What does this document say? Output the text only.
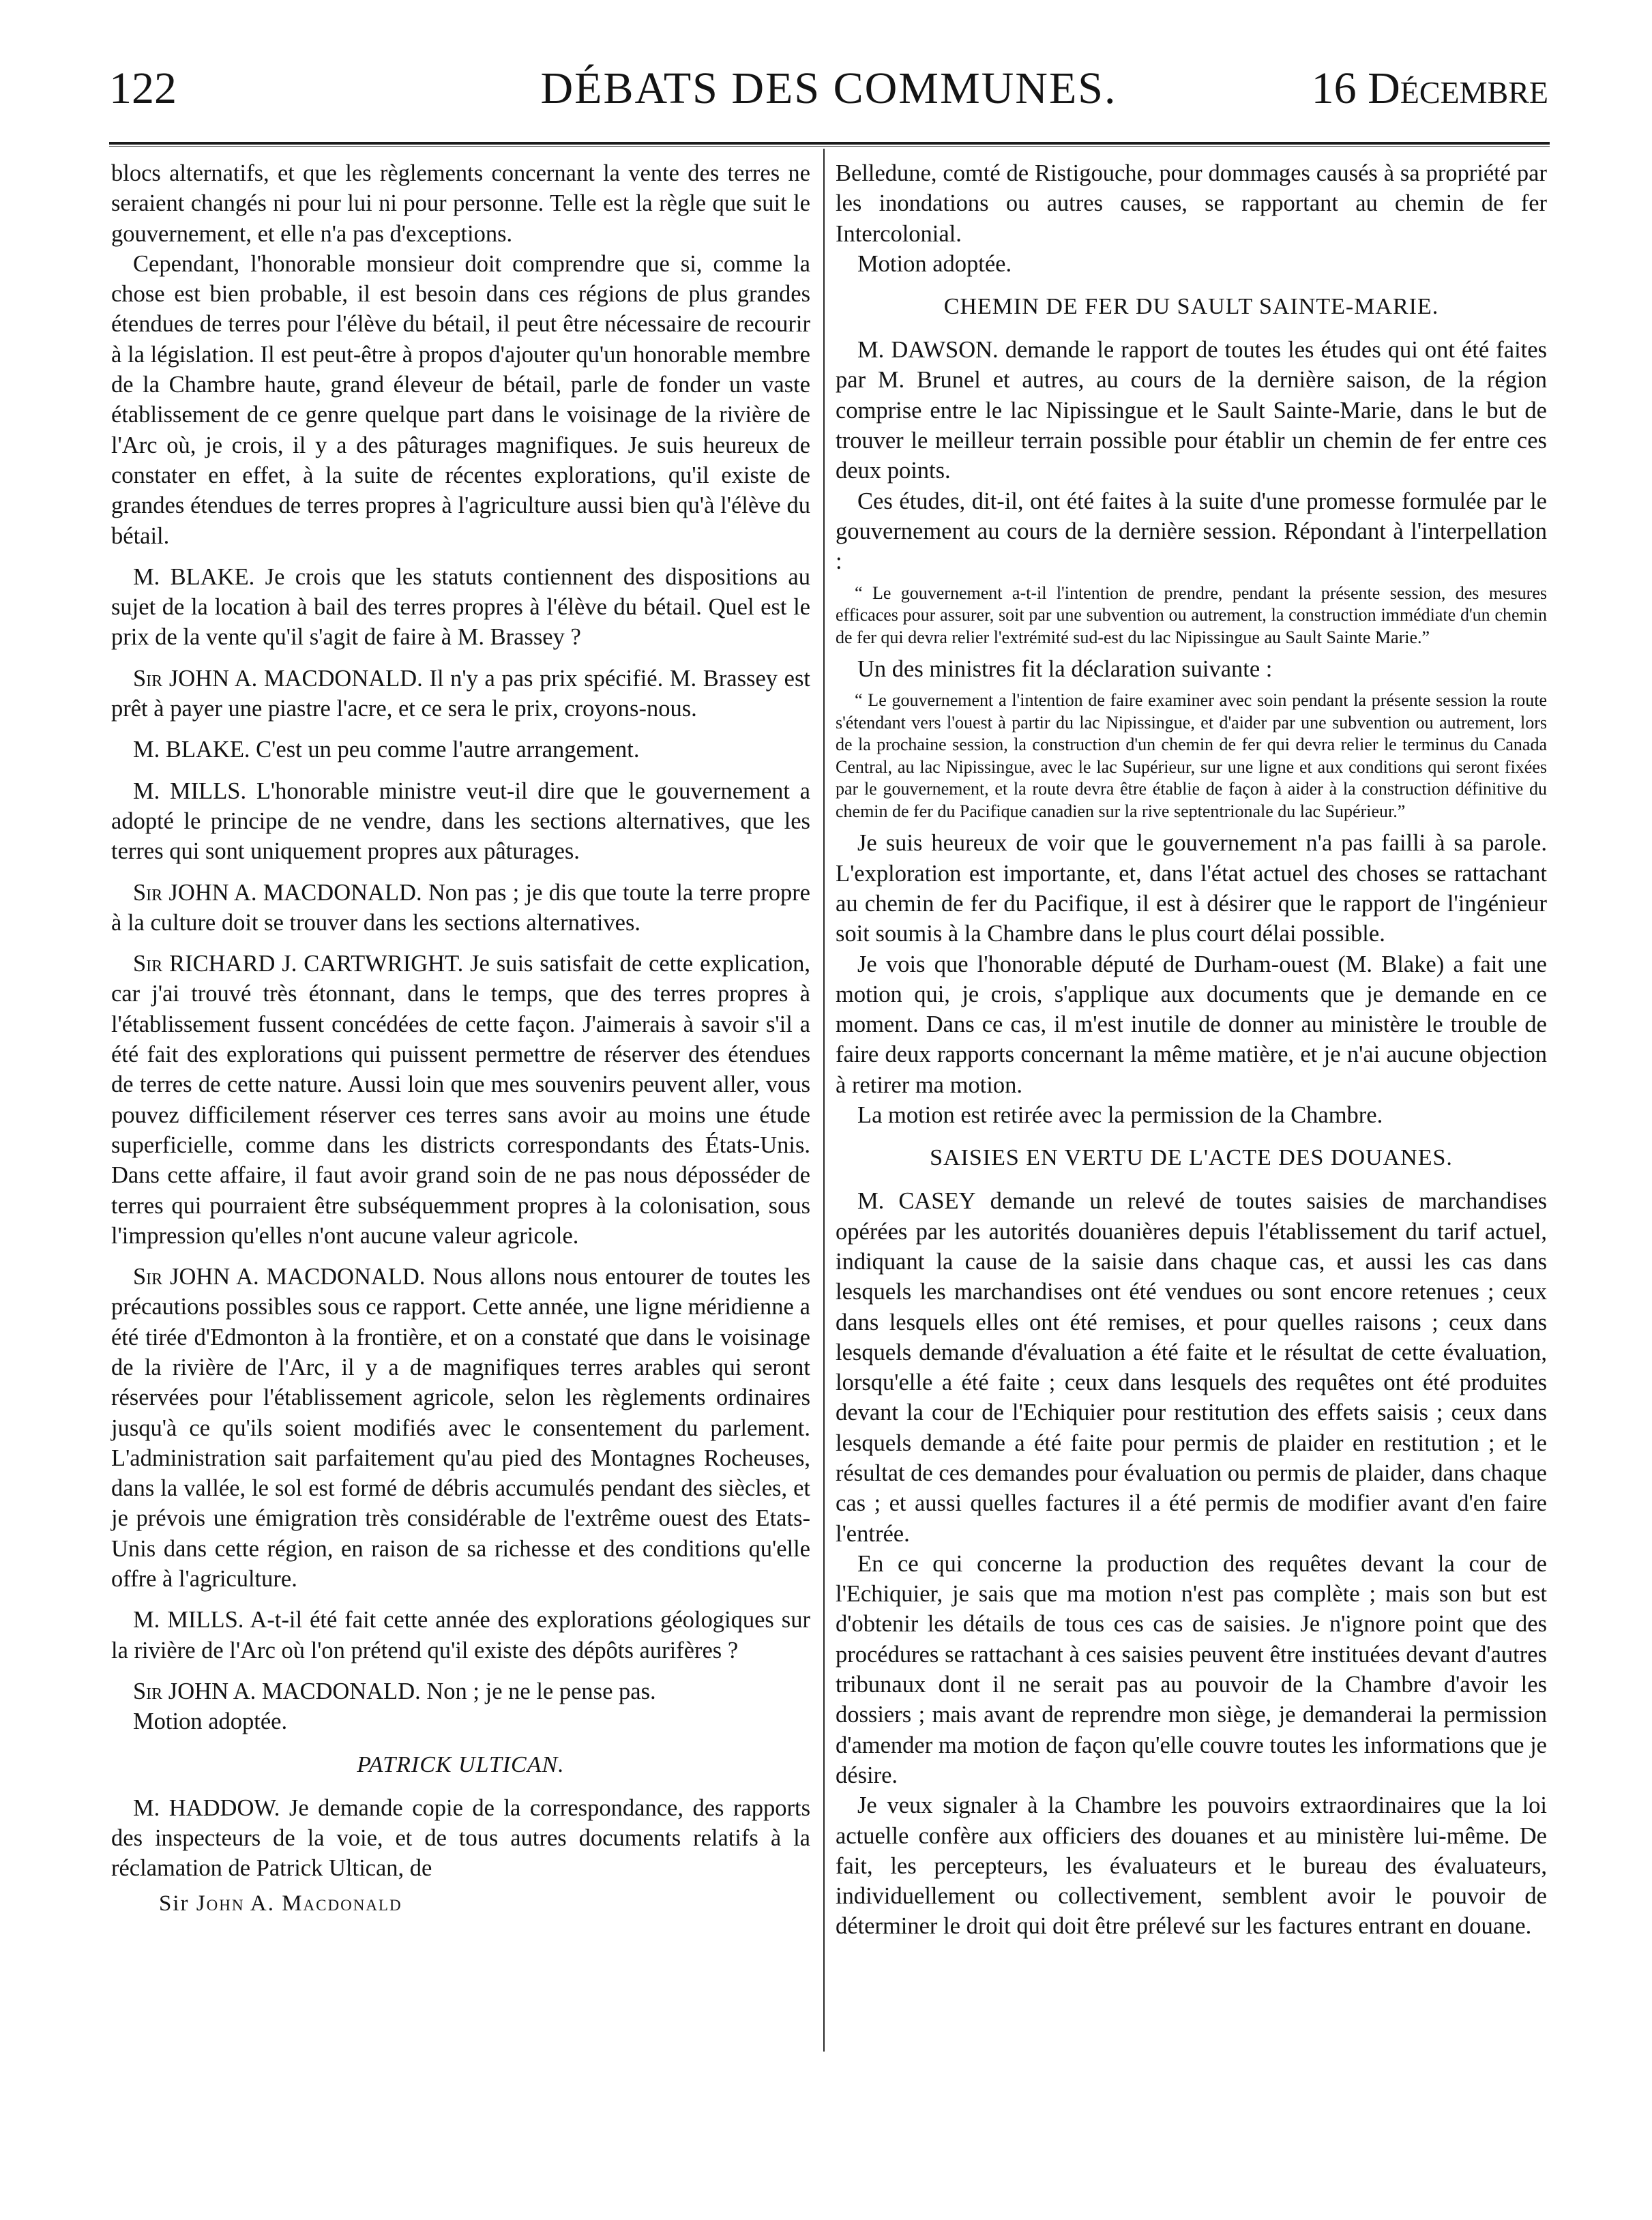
122	DÉBATS DES COMMUNES.	16 Décembre

blocs alternatifs, et que les règlements concernant la vente des terres ne seraient changés ni pour lui ni pour personne. Telle est la règle que suit le gouvernement, et elle n'a pas d'exceptions.

Cependant, l'honorable monsieur doit comprendre que si, comme la chose est bien probable, il est besoin dans ces régions de plus grandes étendues de terres pour l'élève du bétail, il peut être nécessaire de recourir à la législation. Il est peut-être à propos d'ajouter qu'un honorable membre de la Chambre haute, grand éleveur de bétail, parle de fonder un vaste établissement de ce genre quelque part dans le voisinage de la rivière de l'Arc où, je crois, il y a des pâturages magnifiques. Je suis heureux de constater en effet, à la suite de récentes explorations, qu'il existe de grandes étendues de terres propres à l'agriculture aussi bien qu'à l'élève du bétail.

M. BLAKE. Je crois que les statuts contiennent des dispositions au sujet de la location à bail des terres propres à l'élève du bétail. Quel est le prix de la vente qu'il s'agit de faire à M. Brassey ?

Sir JOHN A. MACDONALD. Il n'y a pas prix spécifié. M. Brassey est prêt à payer une piastre l'acre, et ce sera le prix, croyons-nous.

M. BLAKE. C'est un peu comme l'autre arrangement.

M. MILLS. L'honorable ministre veut-il dire que le gouvernement a adopté le principe de ne vendre, dans les sections alternatives, que les terres qui sont uniquement propres aux pâturages.

Sir JOHN A. MACDONALD. Non pas ; je dis que toute la terre propre à la culture doit se trouver dans les sections alternatives.

Sir RICHARD J. CARTWRIGHT. Je suis satisfait de cette explication, car j'ai trouvé très étonnant, dans le temps, que des terres propres à l'établissement fussent concédées de cette façon. J'aimerais à savoir s'il a été fait des explorations qui puissent permettre de réserver des étendues de terres de cette nature. Aussi loin que mes souvenirs peuvent aller, vous pouvez difficilement réserver ces terres sans avoir au moins une étude superficielle, comme dans les districts correspondants des États-Unis. Dans cette affaire, il faut avoir grand soin de ne pas nous déposséder de terres qui pourraient être subséquemment propres à la colonisation, sous l'impression qu'elles n'ont aucune valeur agricole.

Sir JOHN A. MACDONALD. Nous allons nous entourer de toutes les précautions possibles sous ce rapport. Cette année, une ligne méridienne a été tirée d'Edmonton à la frontière, et on a constaté que dans le voisinage de la rivière de l'Arc, il y a de magnifiques terres arables qui seront réservées pour l'établissement agricole, selon les règlements ordinaires jusqu'à ce qu'ils soient modifiés avec le consentement du parlement. L'administration sait parfaitement qu'au pied des Montagnes Rocheuses, dans la vallée, le sol est formé de débris accumulés pendant des siècles, et je prévois une émigration très considérable de l'extrême ouest des Etats-Unis dans cette région, en raison de sa richesse et des conditions qu'elle offre à l'agriculture.

M. MILLS. A-t-il été fait cette année des explorations géologiques sur la rivière de l'Arc où l'on prétend qu'il existe des dépôts aurifères ?

Sir JOHN A. MACDONALD. Non ; je ne le pense pas.

Motion adoptée.

PATRICK ULTICAN.

M. HADDOW. Je demande copie de la correspondance, des rapports des inspecteurs de la voie, et de tous autres documents relatifs à la réclamation de Patrick Ultican, de

Sir John A. Macdonald

Belledune, comté de Ristigouche, pour dommages causés à sa propriété par les inondations ou autres causes, se rapportant au chemin de fer Intercolonial.

Motion adoptée.

CHEMIN DE FER DU SAULT SAINTE-MARIE.

M. DAWSON. demande le rapport de toutes les études qui ont été faites par M. Brunel et autres, au cours de la dernière saison, de la région comprise entre le lac Nipissingue et le Sault Sainte-Marie, dans le but de trouver le meilleur terrain possible pour établir un chemin de fer entre ces deux points.

Ces études, dit-il, ont été faites à la suite d'une promesse formulée par le gouvernement au cours de la dernière session. Répondant à l'interpellation :

“ Le gouvernement a-t-il l'intention de prendre, pendant la présente session, des mesures efficaces pour assurer, soit par une subvention ou autrement, la construction immédiate d'un chemin de fer qui devra relier l'extrémité sud-est du lac Nipissingue au Sault Sainte Marie.”

Un des ministres fit la déclaration suivante :

“ Le gouvernement a l'intention de faire examiner avec soin pendant la présente session la route s'étendant vers l'ouest à partir du lac Nipissingue, et d'aider par une subvention ou autrement, lors de la prochaine session, la construction d'un chemin de fer qui devra relier le terminus du Canada Central, au lac Nipissingue, avec le lac Supérieur, sur une ligne et aux conditions qui seront fixées par le gouvernement, et la route devra être établie de façon à aider à la construction définitive du chemin de fer du Pacifique canadien sur la rive septentrionale du lac Supérieur.”

Je suis heureux de voir que le gouvernement n'a pas failli à sa parole. L'exploration est importante, et, dans l'état actuel des choses se rattachant au chemin de fer du Pacifique, il est à désirer que le rapport de l'ingénieur soit soumis à la Chambre dans le plus court délai possible.

Je vois que l'honorable député de Durham-ouest (M. Blake) a fait une motion qui, je crois, s'applique aux documents que je demande en ce moment. Dans ce cas, il m'est inutile de donner au ministère le trouble de faire deux rapports concernant la même matière, et je n'ai aucune objection à retirer ma motion.

La motion est retirée avec la permission de la Chambre.

SAISIES EN VERTU DE L'ACTE DES DOUANES.

M. CASEY demande un relevé de toutes saisies de marchandises opérées par les autorités douanières depuis l'établissement du tarif actuel, indiquant la cause de la saisie dans chaque cas, et aussi les cas dans lesquels les marchandises ont été vendues ou sont encore retenues ; ceux dans lesquels elles ont été remises, et pour quelles raisons ; ceux dans lesquels demande d'évaluation a été faite et le résultat de cette évaluation, lorsqu'elle a été faite ; ceux dans lesquels des requêtes ont été produites devant la cour de l'Echiquier pour restitution des effets saisis ; ceux dans lesquels demande a été faite pour permis de plaider en restitution ; et le résultat de ces demandes pour évaluation ou permis de plaider, dans chaque cas ; et aussi quelles factures il a été permis de modifier avant d'en faire l'entrée.

En ce qui concerne la production des requêtes devant la cour de l'Echiquier, je sais que ma motion n'est pas complète ; mais son but est d'obtenir les détails de tous ces cas de saisies. Je n'ignore point que des procédures se rattachant à ces saisies peuvent être instituées devant d'autres tribunaux dont il ne serait pas au pouvoir de la Chambre d'avoir les dossiers ; mais avant de reprendre mon siège, je demanderai la permission d'amender ma motion de façon qu'elle couvre toutes les informations que je désire.

Je veux signaler à la Chambre les pouvoirs extraordinaires que la loi actuelle confère aux officiers des douanes et au ministère lui-même. De fait, les percepteurs, les évaluateurs et le bureau des évaluateurs, individuellement ou collectivement, semblent avoir le pouvoir de déterminer le droit qui doit être prélevé sur les factures entrant en douane.
